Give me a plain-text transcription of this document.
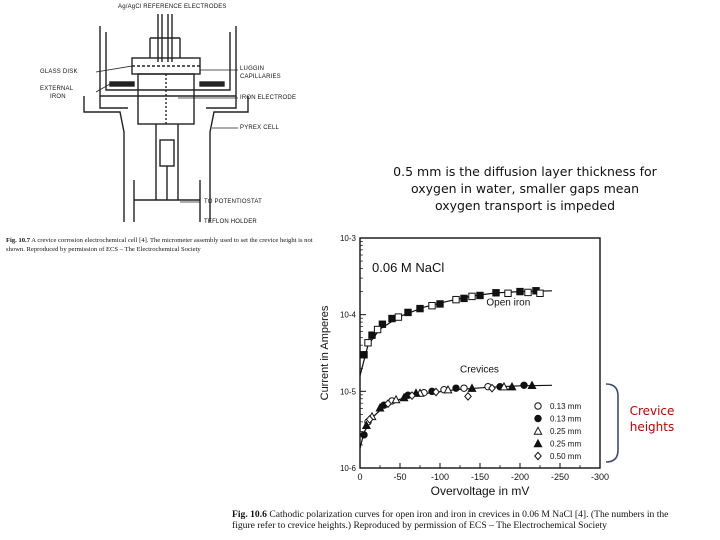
Ag/AgCl REFERENCE ELECTRODES
GLASS DISK
EXTERNAL
IRON
LUGGIN
CAPILLARIES
IRON ELECTRODE
PYREX CELL
TO POTENTIOSTAT
TEFLON HOLDER
Fig. 10.7 A crevice corrosion electrochemical cell [4]. The micrometer assembly used to set the crevice height is not
shown. Reproduced by permission of ECS – The Electrochemical Society
0.5 mm is the diffusion layer thickness for oxygen in water, smaller gaps mean oxygen transport is impeded
0	-50	-100 -150 -200 -250 -300
10-3
10-4
10-5
10-6
Overvoltage in mV
Current in Amperes
0.06 M NaCl
Open iron
Crevices
0.13 mm
0.13 mm
0.25 mm
0.25 mm
0.50 mm
Crevice heights
Fig. 10.6 Cathodic polarization curves for open iron and iron in crevices in 0.06 M NaCl [4]. (The numbers in the
figure refer to crevice heights.) Reproduced by permission of ECS – The Electrochemical Society
